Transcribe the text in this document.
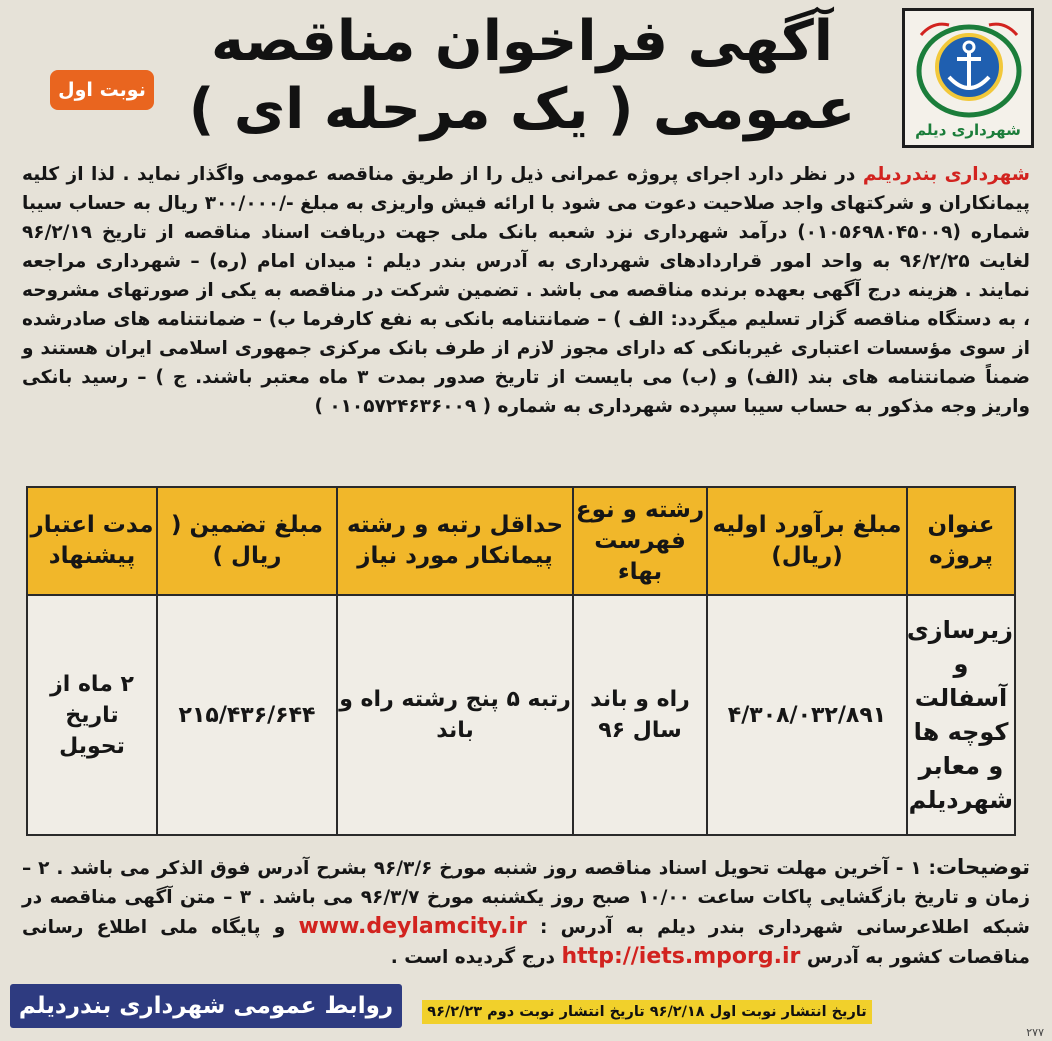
شهرداری دیلم
آگهی فراخوان مناقصه
عمومی ( یک مرحله ای )
نوبت اول
شهرداری بندردیلم در نظر دارد اجرای پروژه عمرانی ذیل را از طریق مناقصه عمومی واگذار نماید . لذا از کلیه پیمانکاران و شرکتهای واجد صلاحیت دعوت می شود با ارائه فیش واریزی به مبلغ -/۳۰۰/۰۰۰ ریال به حساب سیبا شماره (۰۱۰۵۶۹۸۰۴۵۰۰۹) درآمد شهرداری نزد شعبه بانک ملی جهت دریافت اسناد مناقصه از تاریخ ۹۶/۲/۱۹ لغایت ۹۶/۲/۲۵ به واحد امور قراردادهای شهرداری به آدرس بندر دیلم : میدان امام (ره) – شهرداری مراجعه نمایند . هزینه درج آگهی بعهده برنده مناقصه می باشد . تضمین شرکت در مناقصه به یکی از صورتهای مشروحه ، به دستگاه مناقصه گزار تسلیم میگردد: الف ) – ضمانتنامه بانکی به نفع کارفرما ب) – ضمانتنامه های صادرشده از سوی مؤسسات اعتباری غیربانکی که دارای مجوز لازم از طرف بانک مرکزی جمهوری اسلامی ایران هستند و ضمناً ضمانتنامه های بند (الف) و (ب) می بایست از تاریخ صدور بمدت ۳ ماه معتبر باشند. ج ) – رسید بانکی واریز وجه مذکور به حساب سیبا سپرده شهرداری به شماره ( ۰۱۰۵۷۲۴۶۳۶۰۰۹ )
عنوان پروژه	مبلغ برآورد اولیه (ریال)	رشته و نوع فهرست بهاء	حداقل رتبه و رشته پیمانکار مورد نیاز	مبلغ تضمین ( ریال )	مدت اعتبار پیشنهاد
زیرسازی و آسفالت کوچه ها و معابر شهردیلم	۴/۳۰۸/۰۳۲/۸۹۱	راه و باند سال ۹۶	رتبه ۵ پنج رشته راه و باند	۲۱۵/۴۳۶/۶۴۴	۲ ماه از تاریخ تحویل
توضیحات: ۱ - آخرین مهلت تحویل اسناد مناقصه روز شنبه مورخ ۹۶/۳/۶ بشرح آدرس فوق الذکر می باشد . ۲ – زمان و تاریخ بازگشایی پاکات ساعت ۱۰/۰۰ صبح روز یکشنبه مورخ ۹۶/۳/۷ می باشد . ۳ – متن آگهی مناقصه در شبکه اطلاعرسانی شهرداری بندر دیلم به آدرس : www.deylamcity.ir و پایگاه ملی اطلاع رسانی مناقصات کشور به آدرس http://iets.mporg.ir درج گردیده است .
روابط عمومی شهرداری بندردیلم	تاریخ انتشار نوبت اول ۹۶/۲/۱۸ تاریخ انتشار نوبت دوم ۹۶/۲/۲۳
۲۷۷
